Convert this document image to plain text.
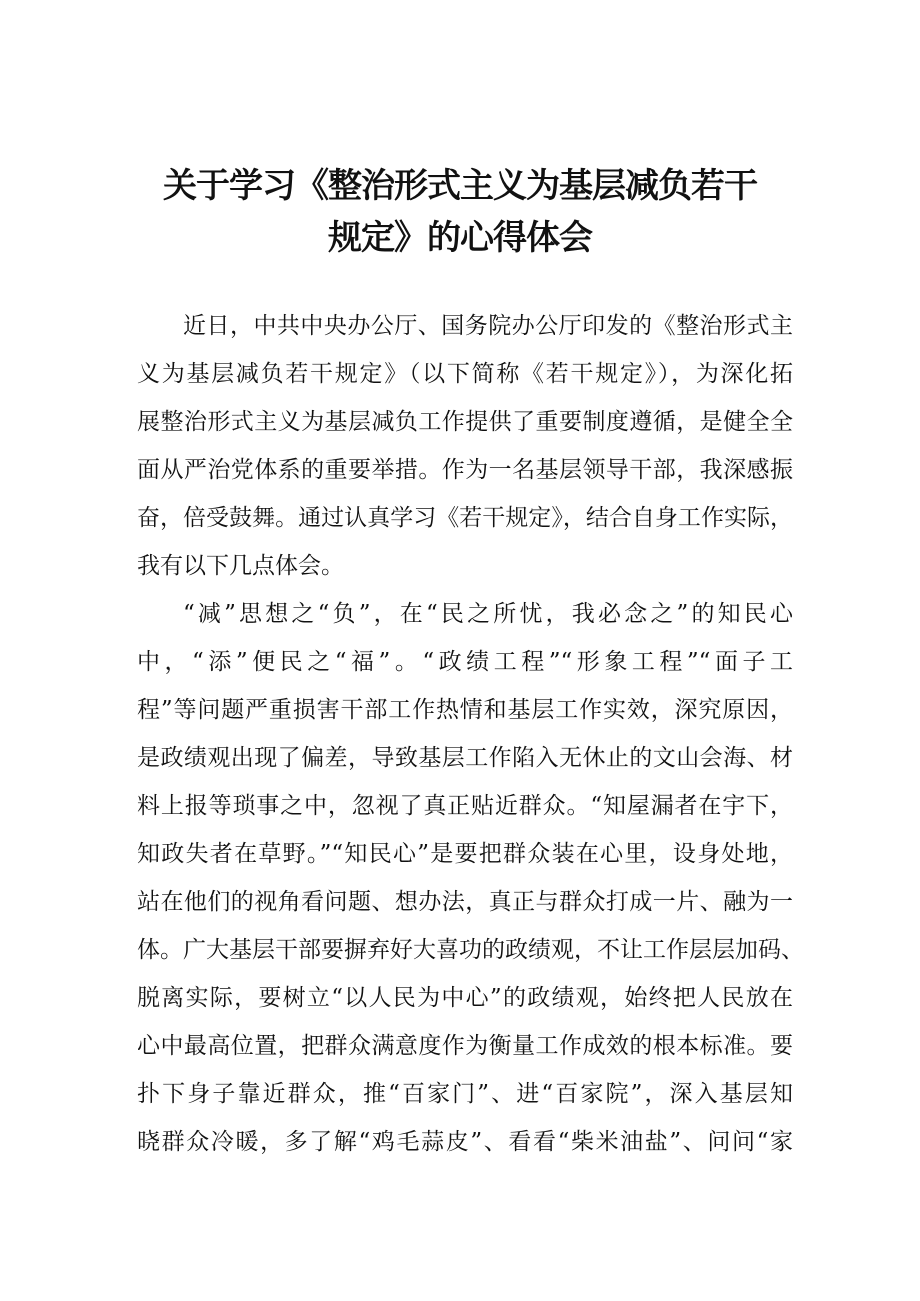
关于学习《整治形式主义为基层减负若干
规定》的心得体会
近日，中共中央办公厅、国务院办公厅印发的《整治形式主
义为基层减负若干规定》（以下简称《若干规定》），为深化拓
展整治形式主义为基层减负工作提供了重要制度遵循，是健全全
面从严治党体系的重要举措。作为一名基层领导干部，我深感振
奋，倍受鼓舞。通过认真学习《若干规定》，结合自身工作实际，
我有以下几点体会。
“减”思想之“负”，在“民之所忧，我必念之”的知民心
中，“添”便民之“福”。“政绩工程”“形象工程”“面子工
程”等问题严重损害干部工作热情和基层工作实效，深究原因，
是政绩观出现了偏差，导致基层工作陷入无休止的文山会海、材
料上报等琐事之中，忽视了真正贴近群众。“知屋漏者在宇下，
知政失者在草野。”“知民心”是要把群众装在心里，设身处地，
站在他们的视角看问题、想办法，真正与群众打成一片、融为一
体。广大基层干部要摒弃好大喜功的政绩观，不让工作层层加码、
脱离实际，要树立“以人民为中心”的政绩观，始终把人民放在
心中最高位置，把群众满意度作为衡量工作成效的根本标准。要
扑下身子靠近群众，推“百家门”、进“百家院”，深入基层知
晓群众冷暖，多了解“鸡毛蒜皮”、看看“柴米油盐”、问问“家
